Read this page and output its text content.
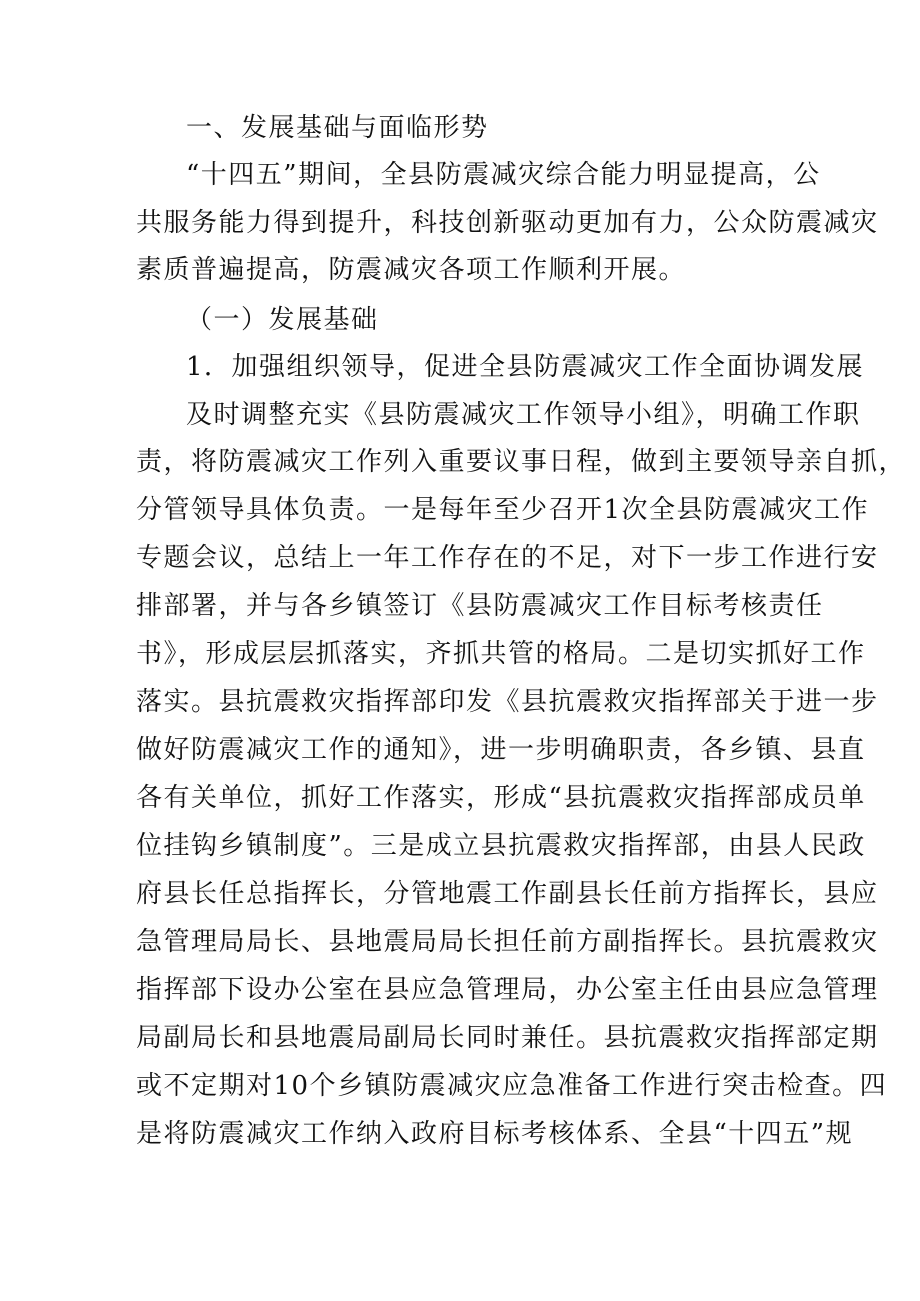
一、发展基础与面临形势
“十四五”期间，全县防震减灾综合能力明显提高，公
共服务能力得到提升，科技创新驱动更加有力，公众防震减灾
素质普遍提高，防震减灾各项工作顺利开展。
（一）发展基础
1．加强组织领导，促进全县防震减灾工作全面协调发展
及时调整充实《县防震减灾工作领导小组》，明确工作职
责，将防震减灾工作列入重要议事日程，做到主要领导亲自抓，
分管领导具体负责。一是每年至少召开1次全县防震减灾工作
专题会议，总结上一年工作存在的不足，对下一步工作进行安
排部署，并与各乡镇签订《县防震减灾工作目标考核责任
书》，形成层层抓落实，齐抓共管的格局。二是切实抓好工作
落实。县抗震救灾指挥部印发《县抗震救灾指挥部关于进一步
做好防震减灾工作的通知》，进一步明确职责，各乡镇、县直
各有关单位，抓好工作落实，形成“县抗震救灾指挥部成员单
位挂钩乡镇制度”。三是成立县抗震救灾指挥部，由县人民政
府县长任总指挥长，分管地震工作副县长任前方指挥长，县应
急管理局局长、县地震局局长担任前方副指挥长。县抗震救灾
指挥部下设办公室在县应急管理局，办公室主任由县应急管理
局副局长和县地震局副局长同时兼任。县抗震救灾指挥部定期
或不定期对10个乡镇防震减灾应急准备工作进行突击检查。四
是将防震减灾工作纳入政府目标考核体系、全县“十四五”规
